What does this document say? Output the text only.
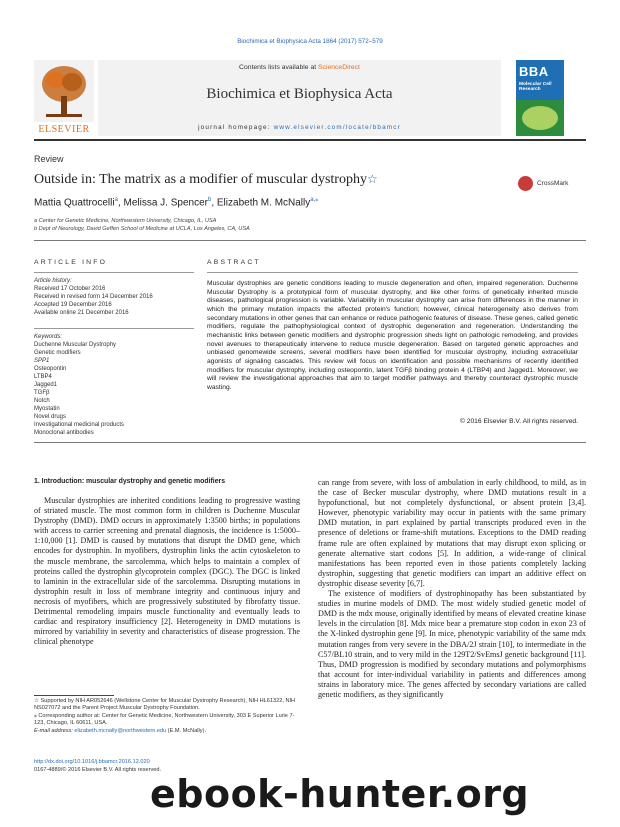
Biochimica et Biophysica Acta 1864 (2017) 572–579
ELSEVIER
Contents lists available at ScienceDirect
Biochimica et Biophysica Acta
journal homepage: www.elsevier.com/locate/bbamcr
BBA
Molecular Cell Research
Review
Outside in: The matrix as a modifier of muscular dystrophy☆	CrossMark
Mattia Quattrocelli$^a$, Melissa J. Spencer$^b$, Elizabeth M. McNally$^{a,⁎}$
a Center for Genetic Medicine, Northwestern University, Chicago, IL, USA
b Dept of Neurology, David Geffen School of Medicine at UCLA, Los Angeles, CA, USA
ARTICLE INFO
Article history:
Received 17 October 2016
Received in revised form 14 December 2016
Accepted 19 December 2016
Available online 21 December 2016
Keywords:
Duchenne Muscular Dystrophy
Genetic modifiers
SPP1
Osteopontin
LTBP4
Jagged1
TGFβ
Notch
Myostatin
Novel drugs
Investigational medicinal products
Monoclonal antibodies
ABSTRACT
Muscular dystrophies are genetic conditions leading to muscle degeneration and often, impaired regeneration. Duchenne Muscular Dystrophy is a prototypical form of muscular dystrophy, and like other forms of genetically inherited muscle diseases, pathological progression is variable. Variability in muscular dystrophy can arise from differences in the manner in which the primary mutation impacts the affected protein's function; however, clinical heterogeneity also derives from secondary mutations in other genes that can enhance or reduce pathogenic features of disease. These genes, called genetic modifiers, regulate the pathophysiological context of dystrophic degeneration and regeneration. Understanding the mechanistic links between genetic modifiers and dystrophic progression sheds light on pathologic remodeling, and provides novel avenues to therapeutically intervene to reduce muscle degeneration. Based on targeted genetic approaches and unbiased genomewide screens, several modifiers have been identified for muscular dystrophy, including extracellular agonists of signaling cascades. This review will focus on identification and possible mechanisms of recently identified modifiers for muscular dystrophy, including osteopontin, latent TGFβ binding protein 4 (LTBP4) and Jagged1. Moreover, we will review the investigational approaches that aim to target modifier pathways and thereby counteract dystrophic muscle wasting.
© 2016 Elsevier B.V. All rights reserved.
1. Introduction: muscular dystrophy and genetic modifiers

Muscular dystrophies are inherited conditions leading to progressive wasting of striated muscle. The most common form in children is Duchenne Muscular Dystrophy (DMD). DMD occurs in approximately 1:3500 births; in populations with access to carrier screening and prenatal diagnosis, the incidence is 1:5000–1:10,000 [1]. DMD is caused by mutations that disrupt the DMD gene, which encodes for dystrophin. In myofibers, dystrophin links the actin cytoskeleton to the muscle membrane, the sarcolemma, which helps to maintain a complex of proteins called the dystrophin glycoprotein complex (DGC). The DGC is linked to laminin in the extracellular side of the sarcolemma. Disrupting mutations in dystrophin result in loss of membrane integrity and continuous injury and necrosis of myofibers, which are progressively substituted by fibrofatty tissue. Detrimental remodeling impairs muscle functionality and eventually leads to cardiac and respiratory insufficiency [2]. Heterogeneity in DMD mutations is mirrored by variability in severity and characteristics of disease progression. The clinical phenotype

can range from severe, with loss of ambulation in early childhood, to mild, as in the case of Becker muscular dystrophy, where DMD mutations result in a hypofunctional, but not completely dysfunctional, or absent protein [3,4]. However, phenotypic variability may occur in patients with the same primary DMD mutation, in part explained by partial transcripts produced even in the presence of deletions or frame-shift mutations. Exceptions to the DMD reading frame rule are often explained by mutations that may disrupt exon splicing or generate alternative start codons [5]. In addition, a wide-range of clinical manifestations has been reported even in those patients completely lacking dystrophin, suggesting that genetic modifiers can impart an additive effect on dystrophic disease severity [6,7].

The existence of modifiers of dystrophinopathy has been substantiated by studies in murine models of DMD. The most widely studied genetic model of DMD is the mdx mouse, originally identified by means of elevated creatine kinase levels in the circulation [8]. Mdx mice bear a premature stop codon in exon 23 of the X-linked dystrophin gene [9]. In mice, phenotypic variability of the same mdx mutation ranges from very severe in the DBA/2J strain [10], to intermediate in the C57/BL10 strain, and to very mild in the 129T2/SvEmsJ genetic background [11]. Thus, DMD progression is modified by secondary mutations and polymorphisms that account for inter-individual variability in patients and differences among strains in laboratory mice. The genes affected by secondary variations are called genetic modifiers, as they significantly

☆ Supported by NIH AR052646 (Wellstone Center for Muscular Dystrophy Research), NIH HL61322, NIH NS027072 and the Parent Project Muscular Dystrophy Foundation.
⁎ Corresponding author at: Center for Genetic Medicine, Northwestern University, 303 E Superior Lurie 7-123, Chicago, IL 60611, USA.
E-mail address: elizabeth.mcnally@northwestern.edu (E.M. McNally).
http://dx.doi.org/10.1016/j.bbamcr.2016.12.020
0167-4889/© 2016 Elsevier B.V. All rights reserved.
ebook-hunter.org
